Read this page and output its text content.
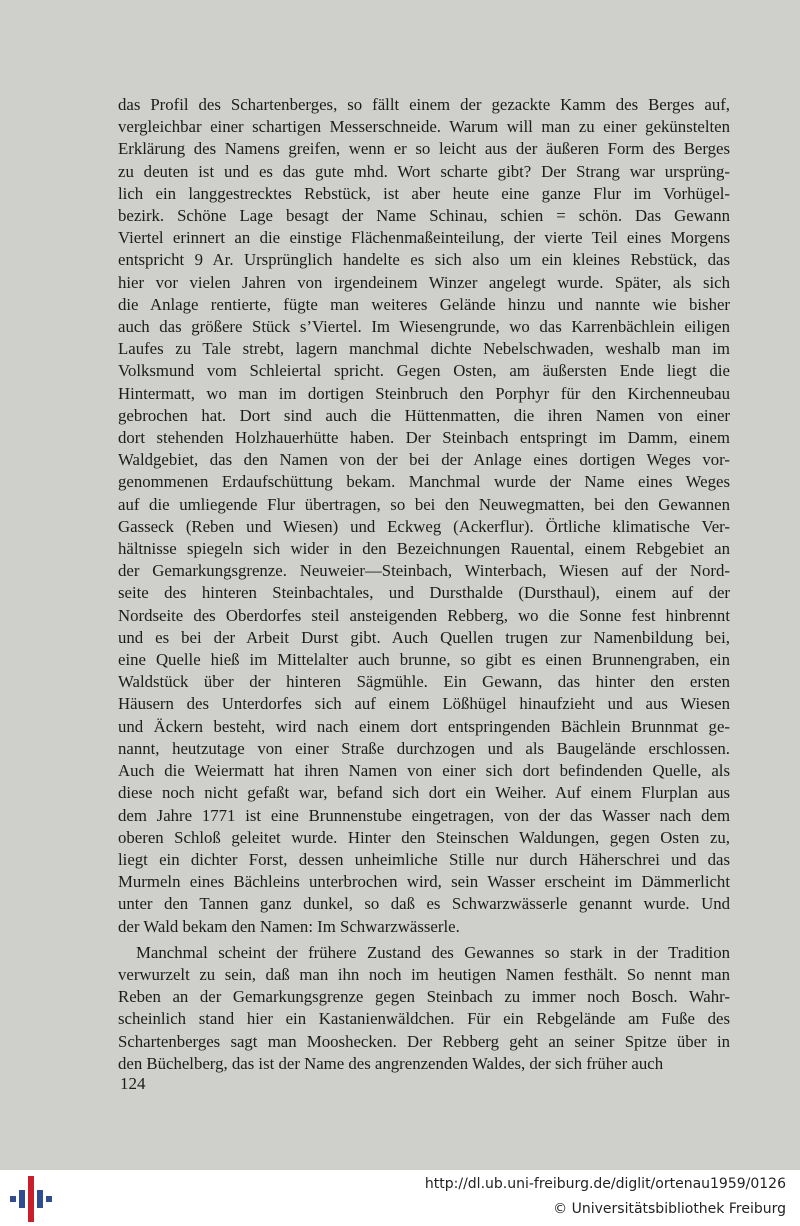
das Profil des Schartenberges, so fällt einem der gezackte Kamm des Berges auf,
vergleichbar einer schartigen Messerschneide. Warum will man zu einer gekünstelten
Erklärung des Namens greifen, wenn er so leicht aus der äußeren Form des Berges
zu deuten ist und es das gute mhd. Wort scharte gibt? Der Strang war ursprüng-
lich ein langgestrecktes Rebstück, ist aber heute eine ganze Flur im Vorhügel-
bezirk. Schöne Lage besagt der Name Schinau, schien = schön. Das Gewann
Viertel erinnert an die einstige Flächenmaßeinteilung, der vierte Teil eines Morgens
entspricht 9 Ar. Ursprünglich handelte es sich also um ein kleines Rebstück, das
hier vor vielen Jahren von irgendeinem Winzer angelegt wurde. Später, als sich
die Anlage rentierte, fügte man weiteres Gelände hinzu und nannte wie bisher
auch das größere Stück s’Viertel. Im Wiesengrunde, wo das Karrenbächlein eiligen
Laufes zu Tale strebt, lagern manchmal dichte Nebelschwaden, weshalb man im
Volksmund vom Schleiertal spricht. Gegen Osten, am äußersten Ende liegt die
Hintermatt, wo man im dortigen Steinbruch den Porphyr für den Kirchenneubau
gebrochen hat. Dort sind auch die Hüttenmatten, die ihren Namen von einer
dort stehenden Holzhauerhütte haben. Der Steinbach entspringt im Damm, einem
Waldgebiet, das den Namen von der bei der Anlage eines dortigen Weges vor-
genommenen Erdaufschüttung bekam. Manchmal wurde der Name eines Weges
auf die umliegende Flur übertragen, so bei den Neuwegmatten, bei den Gewannen
Gasseck (Reben und Wiesen) und Eckweg (Ackerflur). Örtliche klimatische Ver-
hältnisse spiegeln sich wider in den Bezeichnungen Rauental, einem Rebgebiet an
der Gemarkungsgrenze. Neuweier—Steinbach, Winterbach, Wiesen auf der Nord-
seite des hinteren Steinbachtales, und Dursthalde (Dursthaul), einem auf der
Nordseite des Oberdorfes steil ansteigenden Rebberg, wo die Sonne fest hinbrennt
und es bei der Arbeit Durst gibt. Auch Quellen trugen zur Namenbildung bei,
eine Quelle hieß im Mittelalter auch brunne, so gibt es einen Brunnengraben, ein
Waldstück über der hinteren Sägmühle. Ein Gewann, das hinter den ersten
Häusern des Unterdorfes sich auf einem Lößhügel hinaufzieht und aus Wiesen
und Äckern besteht, wird nach einem dort entspringenden Bächlein Brunnmat ge-
nannt, heutzutage von einer Straße durchzogen und als Baugelände erschlossen.
Auch die Weiermatt hat ihren Namen von einer sich dort befindenden Quelle, als
diese noch nicht gefaßt war, befand sich dort ein Weiher. Auf einem Flurplan aus
dem Jahre 1771 ist eine Brunnenstube eingetragen, von der das Wasser nach dem
oberen Schloß geleitet wurde. Hinter den Steinschen Waldungen, gegen Osten zu,
liegt ein dichter Forst, dessen unheimliche Stille nur durch Häherschrei und das
Murmeln eines Bächleins unterbrochen wird, sein Wasser erscheint im Dämmerlicht
unter den Tannen ganz dunkel, so daß es Schwarzwässerle genannt wurde. Und
der Wald bekam den Namen: Im Schwarzwässerle.
Manchmal scheint der frühere Zustand des Gewannes so stark in der Tradition
verwurzelt zu sein, daß man ihn noch im heutigen Namen festhält. So nennt man
Reben an der Gemarkungsgrenze gegen Steinbach zu immer noch Bosch. Wahr-
scheinlich stand hier ein Kastanienwäldchen. Für ein Rebgelände am Fuße des
Schartenberges sagt man Mooshecken. Der Rebberg geht an seiner Spitze über in
den Büchelberg, das ist der Name des angrenzenden Waldes, der sich früher auch
124
http://dl.ub.uni-freiburg.de/diglit/ortenau1959/0126
© Universitätsbibliothek Freiburg
